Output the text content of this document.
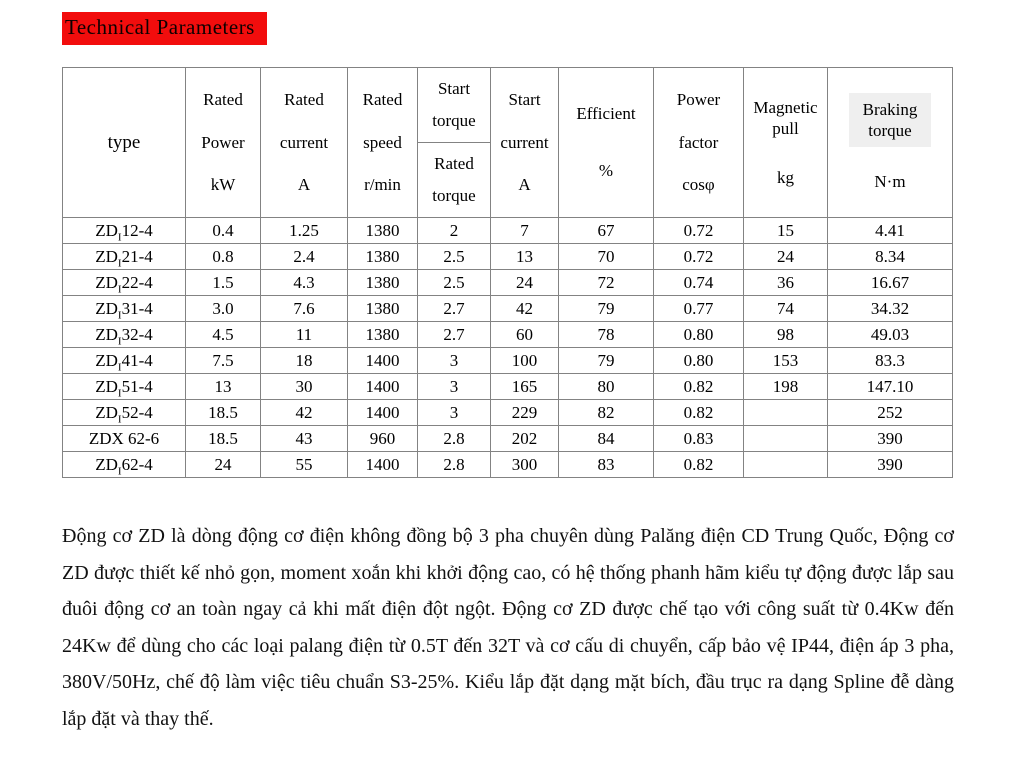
Technical Parameters
type	
Rated
Power
kW

Rated
current
A

Rated
speed
r/min

Start
torque
Rated
torque

Start
current
A

Efficient
%

Power
factor
cosφ

Magnetic
pull
kg

Braking
torque
N·m

$ZD_I12-4$	0.4	1.25	1380	2	7	67	0.72	15	4.41
$ZD_I21-4$	0.8	2.4	1380	2.5	13	70	0.72	24	8.34
$ZD_I22-4$	1.5	4.3	1380	2.5	24	72	0.74	36	16.67
$ZD_I31-4$	3.0	7.6	1380	2.7	42	79	0.77	74	34.32
$ZD_I32-4$	4.5	11	1380	2.7	60	78	0.80	98	49.03
$ZD_I41-4$	7.5	18	1400	3	100	79	0.80	153	83.3
$ZD_I51-4$	13	30	1400	3	165	80	0.82	198	147.10
$ZD_I52-4$	18.5	42	1400	3	229	82	0.82		252
ZDX 62-6	18.5	43	960	2.8	202	84	0.83		390
$ZD_I62-4$	24	55	1400	2.8	300	83	0.82		390

Động cơ ZD là dòng động cơ điện không đồng bộ 3 pha chuyên dùng Palăng điện CD Trung Quốc, Động cơ ZD được thiết kế nhỏ gọn, moment xoắn khi khởi động cao, có hệ thống phanh hãm kiểu tự động được lắp sau đuôi động cơ an toàn ngay cả khi mất điện đột ngột. Động cơ ZD được chế tạo với công suất từ 0.4Kw đến 24Kw để dùng cho các loại palang điện từ 0.5T đến 32T và cơ cấu di chuyển, cấp bảo vệ IP44, điện áp 3 pha, 380V/50Hz, chế độ làm việc tiêu chuẩn S3-25%. Kiểu lắp đặt dạng mặt bích, đầu trục ra dạng Spline đễ dàng lắp đặt và thay thế.
